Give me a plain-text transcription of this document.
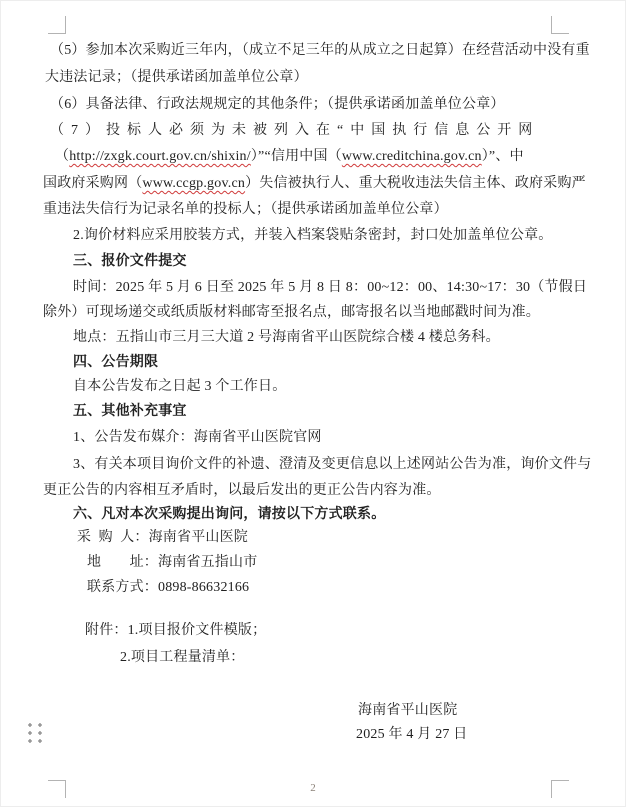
（5）参加本次采购近三年内，（成立不足三年的从成立之日起算）在经营活动中没有重
大违法记录；（提供承诺函加盖单位公章）
（6）具备法律、行政法规规定的其他条件；（提供承诺函加盖单位公章）
（7）投标人必须为未被列入在“中国执行信息公开网
（http://zxgk.court.gov.cn/shixin/）”“信用中国（www.creditchina.gov.cn）”、中
国政府采购网（www.ccgp.gov.cn）失信被执行人、重大税收违法失信主体、政府采购严
重违法失信行为记录名单的投标人；（提供承诺函加盖单位公章）
2.询价材料应采用胶装方式，并装入档案袋贴条密封，封口处加盖单位公章。
三、报价文件提交
时间：2025 年 5 月 6 日至 2025 年 5 月 8 日 8：00~12：00、14:30~17：30（节假日
除外）可现场递交或纸质版材料邮寄至报名点，邮寄报名以当地邮戳时间为准。
地点：五指山市三月三大道 2 号海南省平山医院综合楼 4 楼总务科。
四、公告期限
自本公告发布之日起 3 个工作日。
五、其他补充事宜
1、公告发布媒介：海南省平山医院官网
3、有关本项目询价文件的补遗、澄清及变更信息以上述网站公告为准，询价文件与
更正公告的内容相互矛盾时，以最后发出的更正公告内容为准。
六、凡对本次采购提出询问，请按以下方式联系。
采  购  人：海南省平山医院
地　　址：海南省五指山市
联系方式：0898-86632166
附件：1.项目报价文件模版；
2.项目工程量清单：
海南省平山医院
2025 年 4 月 27 日
2
